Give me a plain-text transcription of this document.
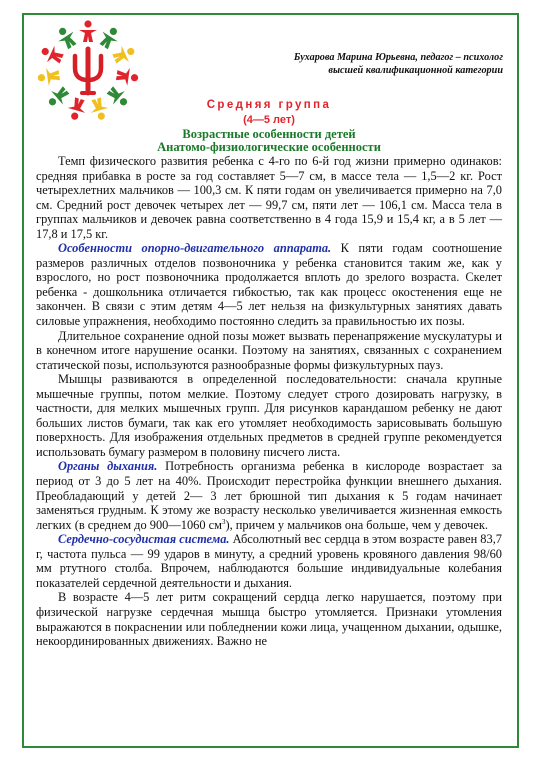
Бухарова Марина Юрьевна, педагог – психолог
высшей квалификационной категории
Средняя группа
(4—5 лет)
Возрастные особенности детей
Анатомо-физиологические особенности

Темп физического развития ребенка с 4-го по 6-й год жизни примерно одинаков: средняя прибавка в росте за год составляет 5—7 см, в массе тела — 1,5—2 кг. Рост четырехлетних мальчиков — 100,3 см. К пяти годам он увеличивается примерно на 7,0 см. Средний рост девочек четырех лет — 99,7 см, пяти лет — 106,1 см. Масса тела в группах мальчиков и девочек равна соответственно в 4 года 15,9 и 15,4 кг, а в 5 лет — 17,8 и 17,5 кг.

Особенности опорно-двигательного аппарата. К пяти годам соотношение размеров различных отделов позвоночника у ребенка становится таким же, как у взрослого, но рост позвоночника продолжается вплоть до зрелого возраста. Скелет ребенка - дошкольника отличается гибкостью, так как процесс окостенения еще не закончен. В связи с этим детям 4—5 лет нельзя на физкультурных занятиях давать силовые упражнения, необходимо постоянно следить за правильностью их позы.

Длительное сохранение одной позы может вызвать перенапряжение мускулатуры и в конечном итоге нарушение осанки. Поэтому на занятиях, связанных с сохранением статической позы, используются разнообразные формы физкультурных пауз.

Мышцы развиваются в определенной последовательности: сначала крупные мышечные группы, потом мелкие. Поэтому следует строго дозировать нагрузку, в частности, для мелких мышечных групп. Для рисунков карандашом ребенку не дают больших листов бумаги, так как его утомляет необходимость зарисовывать большую поверхность. Для изображения отдельных предметов в средней группе рекомендуется использовать бумагу размером в половину писчего листа.

Органы дыхания. Потребность организма ребенка в кислороде возрастает за период от 3 до 5 лет на 40%. Происходит перестройка функции внешнего дыхания. Преобладающий у детей 2— 3 лет брюшной тип дыхания к 5 годам начинает заменяться грудным. К этому же возрасту несколько увеличивается жизненная емкость легких (в среднем до 900—1060 $см^3$), причем у мальчиков она больше, чем у девочек.

Сердечно-сосудистая система. Абсолютный вес сердца в этом возрасте равен 83,7 г, частота пульса — 99 ударов в минуту, а средний уровень кровяного давления 98/60 мм ртутного столба. Впрочем, наблюдаются большие индивидуальные колебания показателей сердечной деятельности и дыхания.

В возрасте 4—5 лет ритм сокращений сердца легко нарушается, поэтому при физической нагрузке сердечная мышца быстро утомляется. Признаки утомления выражаются в покраснении или побледнении кожи лица, учащенном дыхании, одышке, некоординированных движениях. Важно не
